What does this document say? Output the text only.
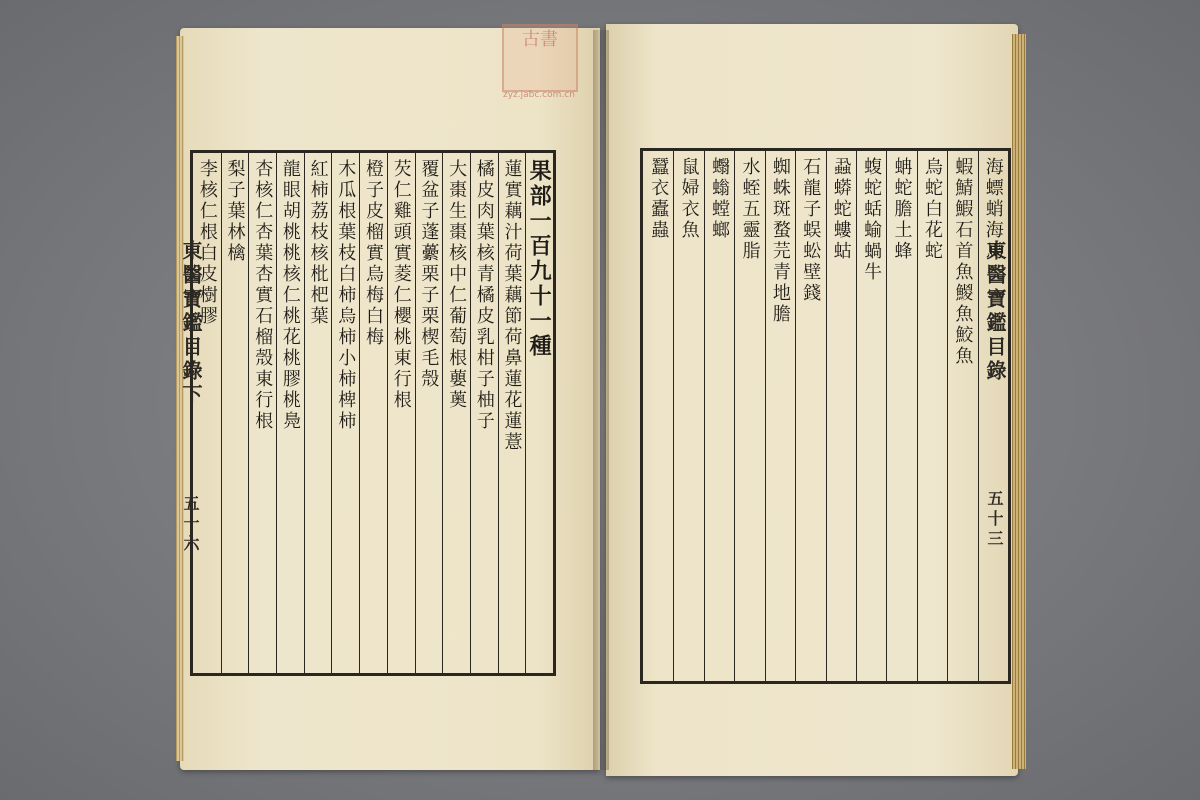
古書
zyz.jabc.com.cn
東醫寶鑑目錄下
五十六
東醫寶鑑目錄
五十三
果部一百九十一種
蓮實藕汁荷葉藕節荷鼻蓮花蓮薏
橘皮肉葉核青橘皮乳柑子柚子
大棗生棗核中仁葡萄根蘡薁
覆盆子蓬虆栗子栗楔毛殼
芡仁雞頭實菱仁櫻桃東行根
橙子皮榴實烏梅白梅
木瓜根葉枝白柿烏柿小柿椑柿
紅柿荔枝核枇杷葉
龍眼胡桃桃核仁桃花桃膠桃鳧
杏核仁杏葉杏實石榴殼東行根
梨子葉林檎
李核仁根白皮樹膠	海螵蛸海馬
蝦鯖鰕石首魚鯼魚鮫魚
烏蛇白花蛇
蚺蛇膽土蜂
蝮蛇蛞蝓蝸牛
蝨蟒蛇螻蛄
石龍子蜈蚣壁錢
蜘蛛斑蝥芫青地膽
水蛭五靈脂
蠮螉螳螂
鼠婦衣魚
蠶衣蠹蟲
